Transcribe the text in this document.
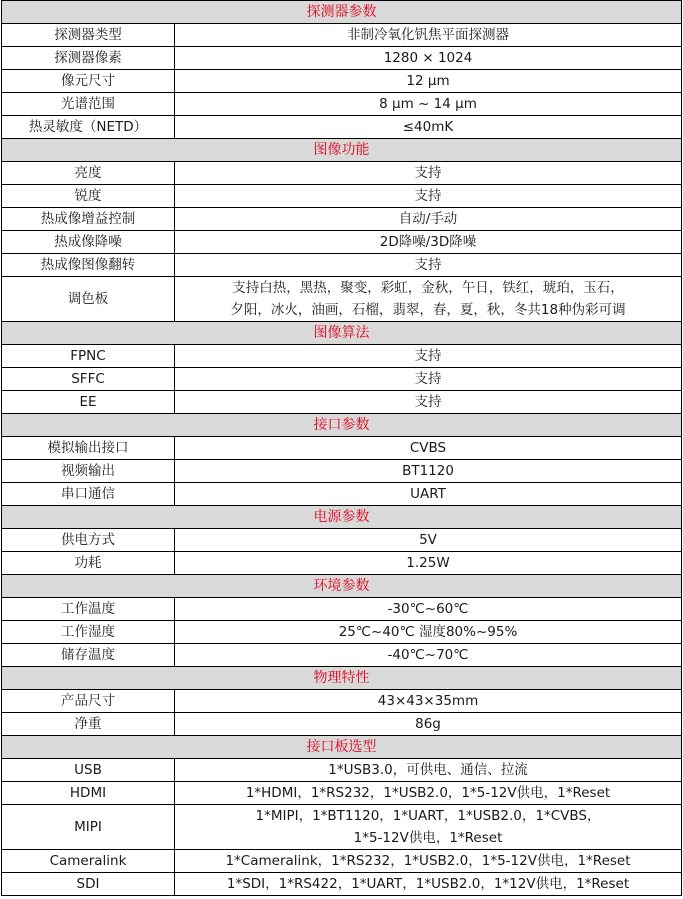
探测器参数	
探测器类型	非制冷氧化钒焦平面探测器
探测器像素	1280 × 1024
像元尺寸	12 μm
光谱范围	8 μm ~ 14 μm
热灵敏度（NETD）	≤40mK
图像功能	
亮度	支持
锐度	支持
热成像增益控制	自动/手动
热成像降噪	2D降噪/3D降噪
热成像图像翻转	支持
调色板	支持白热，黑热，聚变，彩虹，金秋，午日，铁红，琥珀，玉石，
夕阳，冰火，油画，石榴，翡翠，春，夏，秋，冬共18种伪彩可调

图像算法	
FPNC	支持
SFFC	支持
EE	支持
接口参数	
模拟输出接口	CVBS
视频输出	BT1120
串口通信	UART
电源参数	
供电方式	5V
功耗	1.25W
环境参数	
工作温度	-30℃~60℃
工作湿度	25℃~40℃ 湿度80%~95%
储存温度	-40℃~70℃
物理特性	
产品尺寸	43×43×35mm
净重	86g
接口板选型	
USB	1*USB3.0，可供电、通信、拉流
HDMI	1*HDMI，1*RS232，1*USB2.0，1*5-12V供电，1*Reset
MIPI	1*MIPI，1*BT1120，1*UART，1*USB2.0，1*CVBS，
1*5-12V供电，1*Reset

Cameralink	1*Cameralink，1*RS232，1*USB2.0，1*5-12V供电，1*Reset
SDI	1*SDI，1*RS422，1*UART，1*USB2.0，1*12V供电，1*Reset
